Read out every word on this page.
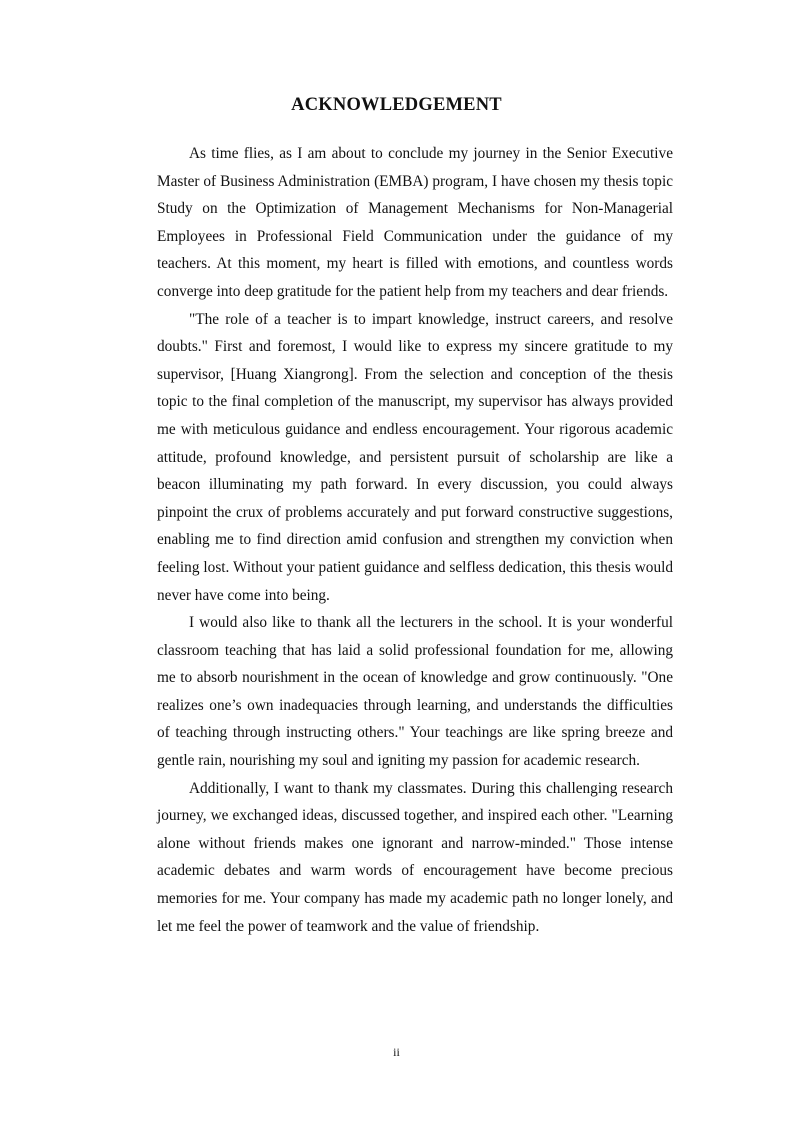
ACKNOWLEDGEMENT

As time flies, as I am about to conclude my journey in the Senior Executive Master of Business Administration (EMBA) program, I have chosen my thesis topic Study on the Optimization of Management Mechanisms for Non-Managerial Employees in Professional Field Communication under the guidance of my teachers. At this moment, my heart is filled with emotions, and countless words converge into deep gratitude for the patient help from my teachers and dear friends.

"The role of a teacher is to impart knowledge, instruct careers, and resolve doubts." First and foremost, I would like to express my sincere gratitude to my supervisor, [Huang Xiangrong]. From the selection and conception of the thesis topic to the final completion of the manuscript, my supervisor has always provided me with meticulous guidance and endless encouragement. Your rigorous academic attitude, profound knowledge, and persistent pursuit of scholarship are like a beacon illuminating my path forward. In every discussion, you could always pinpoint the crux of problems accurately and put forward constructive suggestions, enabling me to find direction amid confusion and strengthen my conviction when feeling lost. Without your patient guidance and selfless dedication, this thesis would never have come into being.

I would also like to thank all the lecturers in the school. It is your wonderful classroom teaching that has laid a solid professional foundation for me, allowing me to absorb nourishment in the ocean of knowledge and grow continuously. "One realizes one’s own inadequacies through learning, and understands the difficulties of teaching through instructing others." Your teachings are like spring breeze and gentle rain, nourishing my soul and igniting my passion for academic research.

Additionally, I want to thank my classmates. During this challenging research journey, we exchanged ideas, discussed together, and inspired each other. "Learning alone without friends makes one ignorant and narrow-minded." Those intense academic debates and warm words of encouragement have become precious memories for me. Your company has made my academic path no longer lonely, and let me feel the power of teamwork and the value of friendship.

ii
